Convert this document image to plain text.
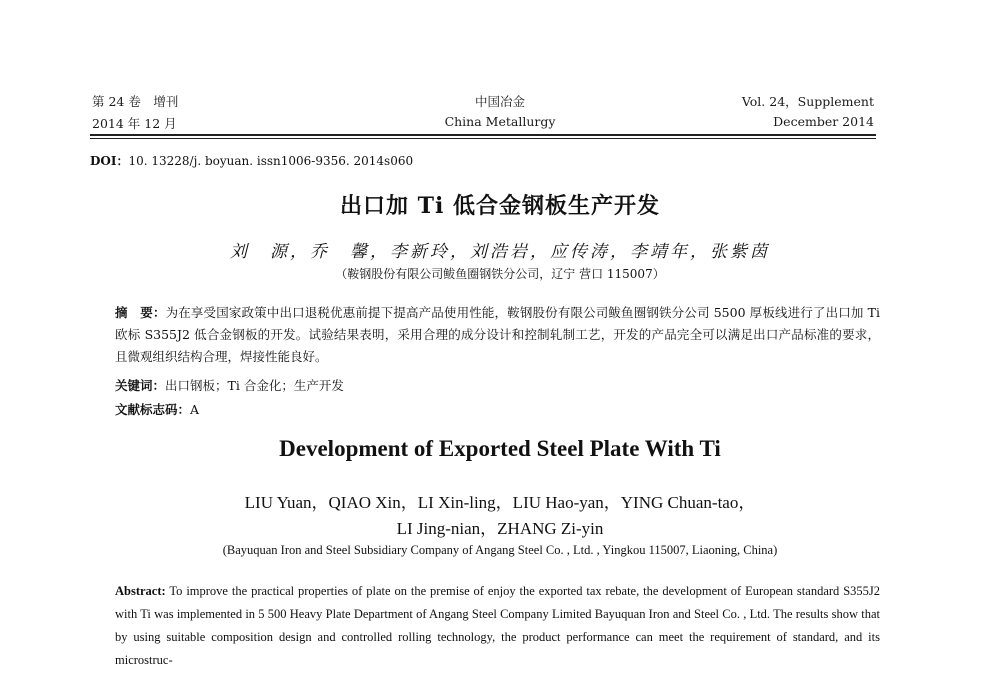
第 24 卷　增刊
2014 年 12 月
中国冶金
China Metallurgy
Vol. 24，Supplement
December 2014
DOI：10. 13228/j. boyuan. issn1006-9356. 2014s060
出口加 Ti 低合金钢板生产开发
刘　源，乔　馨，李新玲，刘浩岩，应传涛，李靖年，张紫茵
（鞍钢股份有限公司鲅鱼圈钢铁分公司，辽宁 营口 115007）
摘　要：为在享受国家政策中出口退税优惠前提下提高产品使用性能，鞍钢股份有限公司鲅鱼圈钢铁分公司 5500 厚板线进行了出口加 Ti 欧标 S355J2 低合金钢板的开发。试验结果表明，采用合理的成分设计和控制轧制工艺，开发的产品完全可以满足出口产品标准的要求，且微观组织结构合理，焊接性能良好。
关键词：出口钢板；Ti 合金化；生产开发
文献标志码：A
Development of Exported Steel Plate With Ti
LIU Yuan，QIAO Xin，LI Xin-ling，LIU Hao-yan，YING Chuan-tao，
LI Jing-nian，ZHANG Zi-yin
(Bayuquan Iron and Steel Subsidiary Company of Angang Steel Co. , Ltd. , Yingkou 115007, Liaoning, China)
Abstract: To improve the practical properties of plate on the premise of enjoy the exported tax rebate, the development of European standard S355J2 with Ti was implemented in 5 500 Heavy Plate Department of Angang Steel Company Limited Bayuquan Iron and Steel Co. , Ltd. The results show that by using suitable composition design and controlled rolling technology, the product performance can meet the requirement of standard, and its microstruc-
